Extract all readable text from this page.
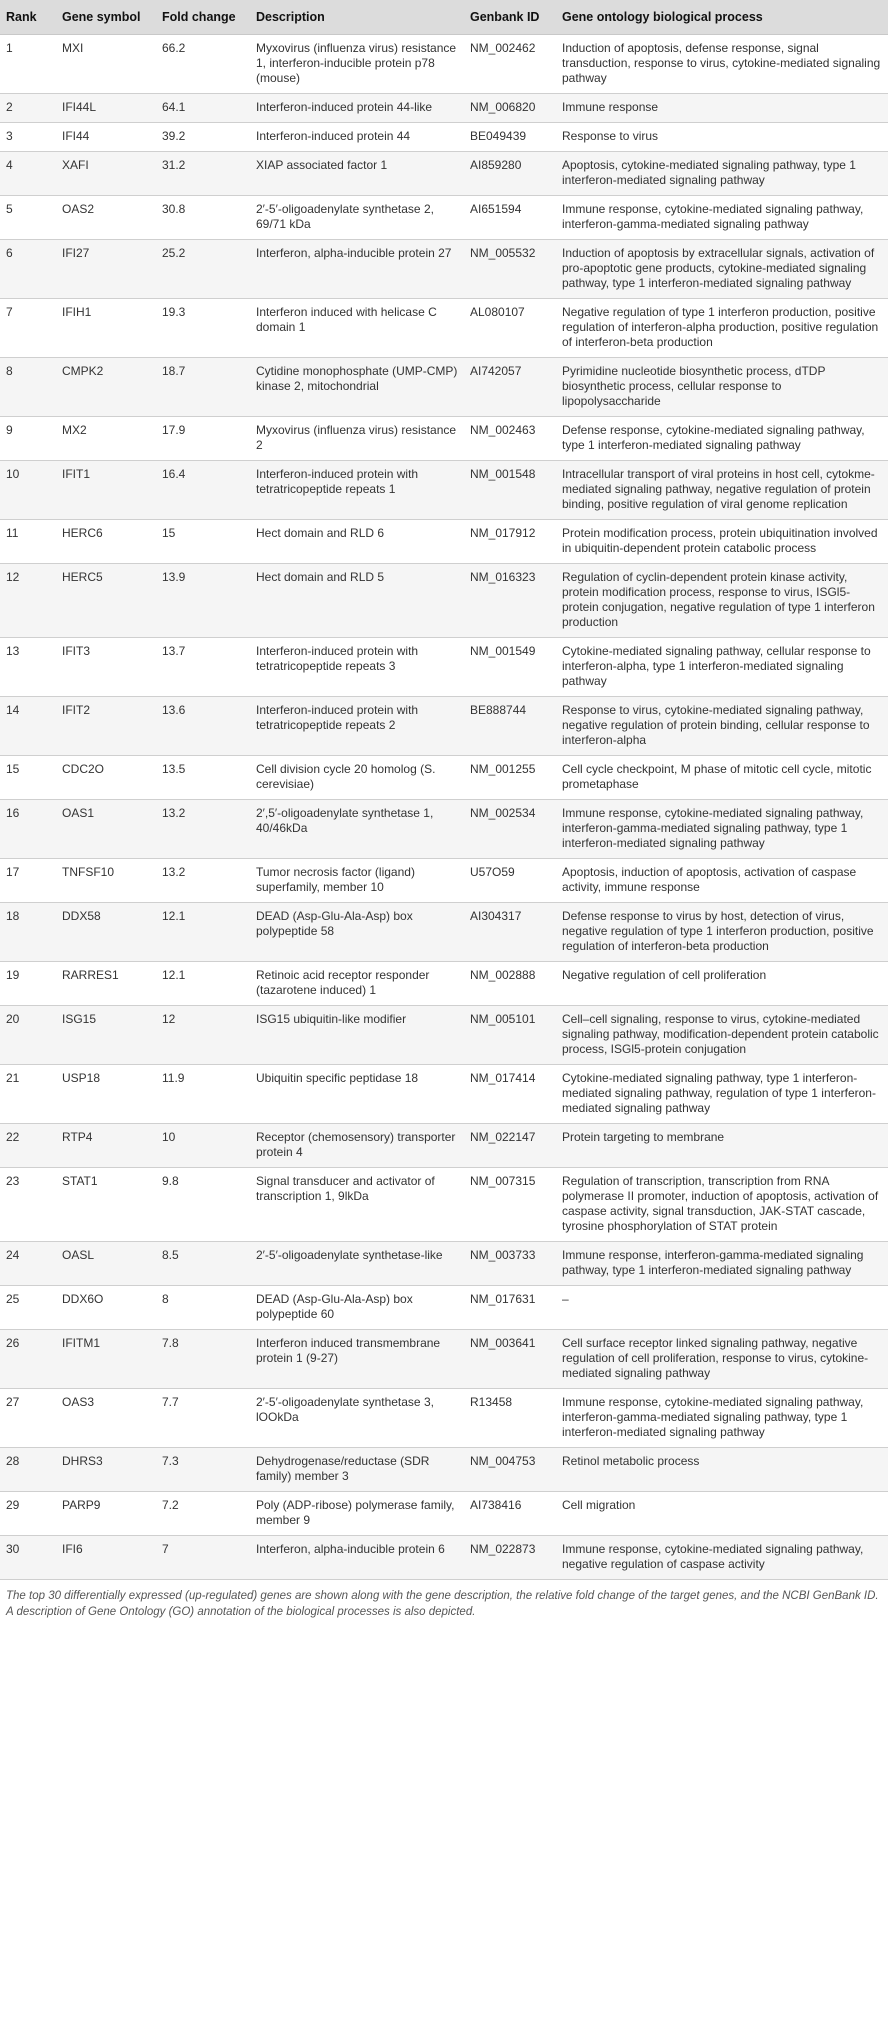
Rank	Gene symbol	Fold change	Description	Genbank ID	Gene ontology biological process
1	MXI	66.2	Myxovirus (influenza virus) resistance 1, interferon-inducible protein p78 (mouse)	NM_002462	Induction of apoptosis, defense response, signal transduction, response to virus, cytokine-mediated signaling pathway
2	IFI44L	64.1	Interferon-induced protein 44-like	NM_006820	Immune response
3	IFI44	39.2	Interferon-induced protein 44	BE049439	Response to virus
4	XAFI	31.2	XIAP associated factor 1	AI859280	Apoptosis, cytokine-mediated signaling pathway, type 1 interferon-mediated signaling pathway
5	OAS2	30.8	2′-5′-oligoadenylate synthetase 2, 69/71 kDa	AI651594	Immune response, cytokine-mediated signaling pathway, interferon-gamma-mediated signaling pathway
6	IFI27	25.2	Interferon, alpha-inducible protein 27	NM_005532	Induction of apoptosis by extracellular signals, activation of pro-apoptotic gene products, cytokine-mediated signaling pathway, type 1 interferon-mediated signaling pathway
7	IFIH1	19.3	Interferon induced with helicase C domain 1	AL080107	Negative regulation of type 1 interferon production, positive regulation of interferon-alpha production, positive regulation of interferon-beta production
8	CMPK2	18.7	Cytidine monophosphate (UMP-CMP) kinase 2, mitochondrial	AI742057	Pyrimidine nucleotide biosynthetic process, dTDP biosynthetic process, cellular response to lipopolysaccharide
9	MX2	17.9	Myxovirus (influenza virus) resistance 2	NM_002463	Defense response, cytokine-mediated signaling pathway, type 1 interferon-mediated signaling pathway
10	IFIT1	16.4	Interferon-induced protein with tetratricopeptide repeats 1	NM_001548	Intracellular transport of viral proteins in host cell, cytokme-mediated signaling pathway, negative regulation of protein binding, positive regulation of viral genome replication
11	HERC6	15	Hect domain and RLD 6	NM_017912	Protein modification process, protein ubiquitination involved in ubiquitin-dependent protein catabolic process
12	HERC5	13.9	Hect domain and RLD 5	NM_016323	Regulation of cyclin-dependent protein kinase activity, protein modification process, response to virus, ISGl5-protein conjugation, negative regulation of type 1 interferon production
13	IFIT3	13.7	Interferon-induced protein with tetratricopeptide repeats 3	NM_001549	Cytokine-mediated signaling pathway, cellular response to interferon-alpha, type 1 interferon-mediated signaling pathway
14	IFIT2	13.6	Interferon-induced protein with tetratricopeptide repeats 2	BE888744	Response to virus, cytokine-mediated signaling pathway, negative regulation of protein binding, cellular response to interferon-alpha
15	CDC2O	13.5	Cell division cycle 20 homolog (S. cerevisiae)	NM_001255	Cell cycle checkpoint, M phase of mitotic cell cycle, mitotic prometaphase
16	OAS1	13.2	2′,5′-oligoadenylate synthetase 1, 40/46kDa	NM_002534	Immune response, cytokine-mediated signaling pathway, interferon-gamma-mediated signaling pathway, type 1 interferon-mediated signaling pathway
17	TNFSF10	13.2	Tumor necrosis factor (ligand) superfamily, member 10	U57O59	Apoptosis, induction of apoptosis, activation of caspase activity, immune response
18	DDX58	12.1	DEAD (Asp-Glu-Ala-Asp) box polypeptide 58	AI304317	Defense response to virus by host, detection of virus, negative regulation of type 1 interferon production, positive regulation of interferon-beta production
19	RARRES1	12.1	Retinoic acid receptor responder (tazarotene induced) 1	NM_002888	Negative regulation of cell proliferation
20	ISG15	12	ISG15 ubiquitin-like modifier	NM_005101	Cell–cell signaling, response to virus, cytokine-mediated signaling pathway, modification-dependent protein catabolic process, ISGl5-protein conjugation
21	USP18	11.9	Ubiquitin specific peptidase 18	NM_017414	Cytokine-mediated signaling pathway, type 1 interferon-mediated signaling pathway, regulation of type 1 interferon-mediated signaling pathway
22	RTP4	10	Receptor (chemosensory) transporter protein 4	NM_022147	Protein targeting to membrane
23	STAT1	9.8	Signal transducer and activator of transcription 1, 9lkDa	NM_007315	Regulation of transcription, transcription from RNA polymerase II promoter, induction of apoptosis, activation of caspase activity, signal transduction, JAK-STAT cascade, tyrosine phosphorylation of STAT protein
24	OASL	8.5	2′-5′-oligoadenylate synthetase-like	NM_003733	Immune response, interferon-gamma-mediated signaling pathway, type 1 interferon-mediated signaling pathway
25	DDX6O	8	DEAD (Asp-Glu-Ala-Asp) box polypeptide 60	NM_017631	–
26	IFITM1	7.8	Interferon induced transmembrane protein 1 (9-27)	NM_003641	Cell surface receptor linked signaling pathway, negative regulation of cell proliferation, response to virus, cytokine-mediated signaling pathway
27	OAS3	7.7	2′-5′-oligoadenylate synthetase 3, lOOkDa	R13458	Immune response, cytokine-mediated signaling pathway, interferon-gamma-mediated signaling pathway, type 1 interferon-mediated signaling pathway
28	DHRS3	7.3	Dehydrogenase/reductase (SDR family) member 3	NM_004753	Retinol metabolic process
29	PARP9	7.2	Poly (ADP-ribose) polymerase family, member 9	AI738416	Cell migration
30	IFI6	7	Interferon, alpha-inducible protein 6	NM_022873	Immune response, cytokine-mediated signaling pathway, negative regulation of caspase activity
The top 30 differentially expressed (up-regulated) genes are shown along with the gene description, the relative fold change of the target genes, and the NCBI GenBank ID. A description of Gene Ontology (GO) annotation of the biological processes is also depicted.
